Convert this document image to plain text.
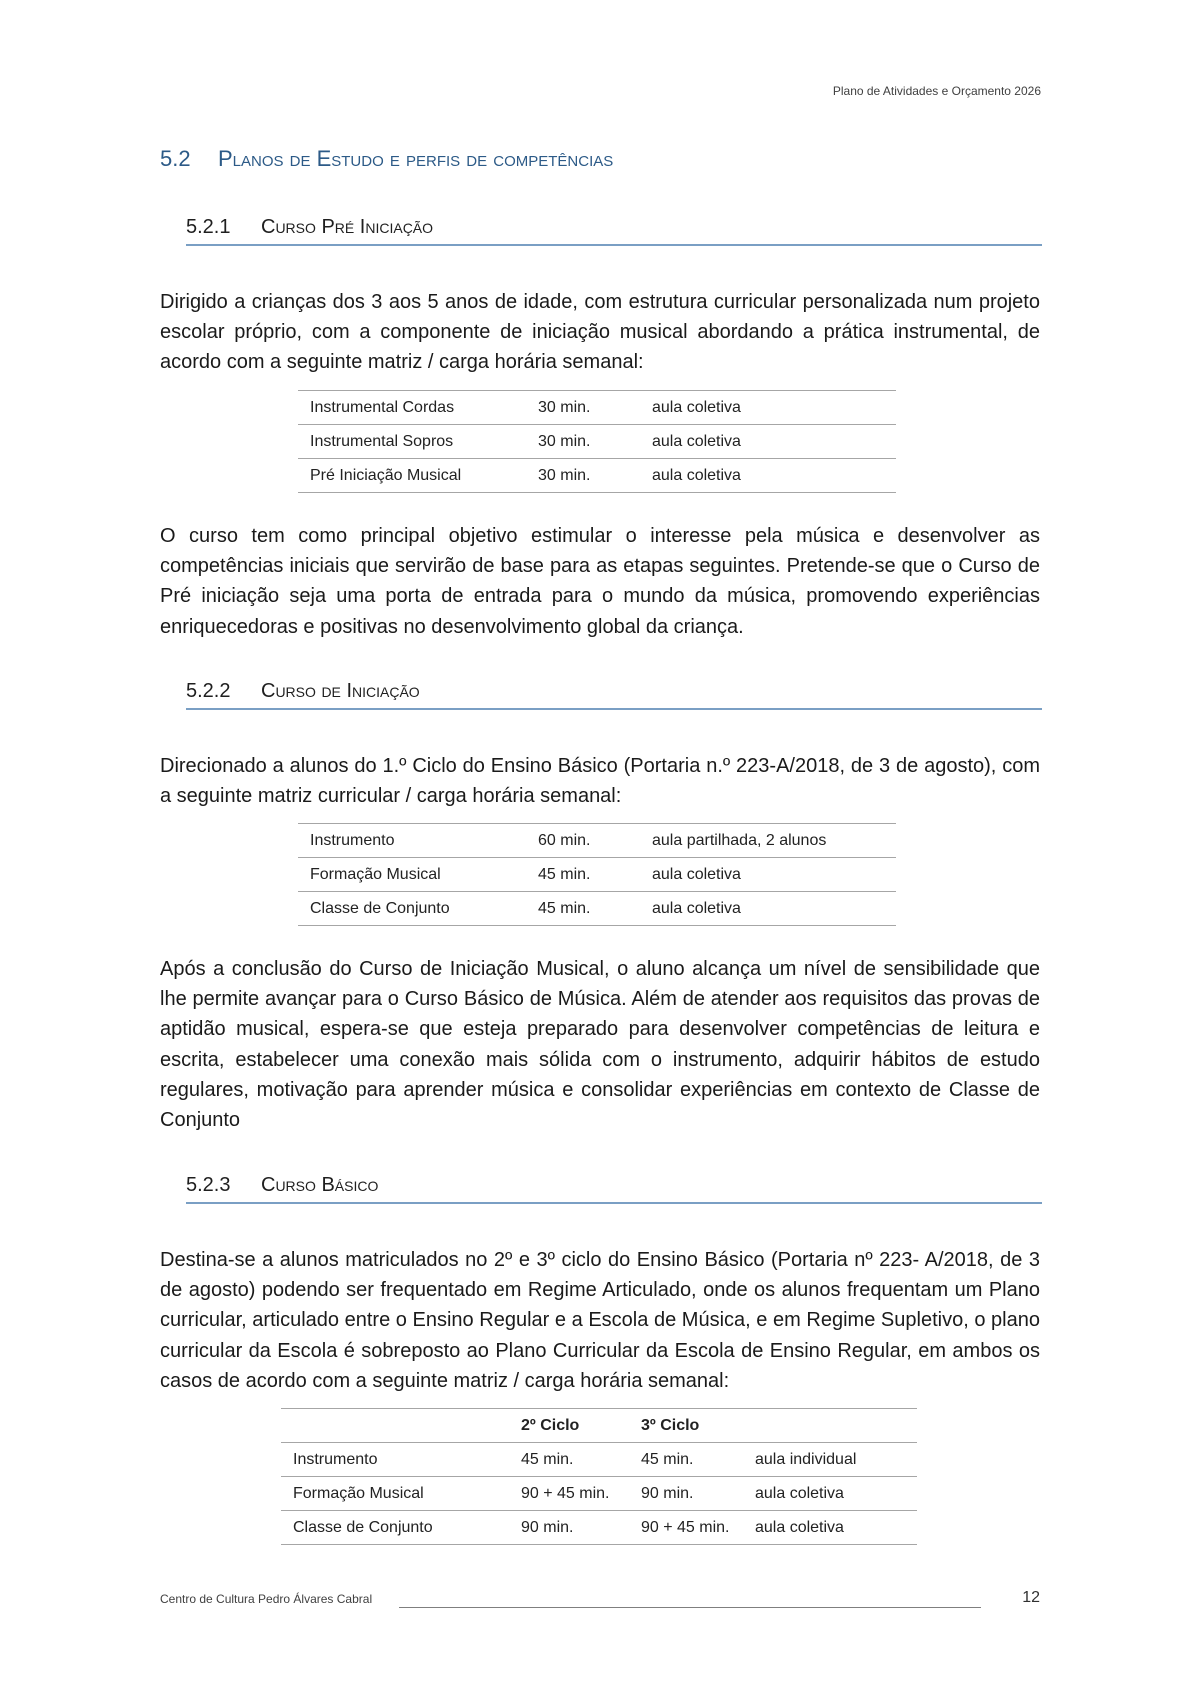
Plano de Atividades e Orçamento 2026
5.2 Planos de Estudo e perfis de competências
5.2.1 Curso Pré Iniciação
Dirigido a crianças dos 3 aos 5 anos de idade, com estrutura curricular personalizada num projeto escolar próprio, com a componente de iniciação musical abordando a prática instrumental, de acordo com a seguinte matriz / carga horária semanal:
Instrumental Cordas	30 min.	aula coletiva
Instrumental Sopros	30 min.	aula coletiva
Pré Iniciação Musical	30 min.	aula coletiva
O curso tem como principal objetivo estimular o interesse pela música e desenvolver as competências iniciais que servirão de base para as etapas seguintes. Pretende-se que o Curso de Pré iniciação seja uma porta de entrada para o mundo da música, promovendo experiências enriquecedoras e positivas no desenvolvimento global da criança.
5.2.2 Curso de Iniciação
Direcionado a alunos do 1.º Ciclo do Ensino Básico (Portaria n.º 223-A/2018, de 3 de agosto), com a seguinte matriz curricular / carga horária semanal:
Instrumento	60 min.	aula partilhada, 2 alunos
Formação Musical	45 min.	aula coletiva
Classe de Conjunto	45 min.	aula coletiva
Após a conclusão do Curso de Iniciação Musical, o aluno alcança um nível de sensibilidade que lhe permite avançar para o Curso Básico de Música. Além de atender aos requisitos das provas de aptidão musical, espera-se que esteja preparado para desenvolver competências de leitura e escrita, estabelecer uma conexão mais sólida com o instrumento, adquirir hábitos de estudo regulares, motivação para aprender música e consolidar experiências em contexto de Classe de Conjunto
5.2.3 Curso Básico
Destina-se a alunos matriculados no 2º e 3º ciclo do Ensino Básico (Portaria nº 223- A/2018, de 3 de agosto) podendo ser frequentado em Regime Articulado, onde os alunos frequentam um Plano curricular, articulado entre o Ensino Regular e a Escola de Música, e em Regime Supletivo, o plano curricular da Escola é sobreposto ao Plano Curricular da Escola de Ensino Regular, em ambos os casos de acordo com a seguinte matriz / carga horária semanal:
	2º Ciclo	3º Ciclo	
Instrumento	45 min.	45 min.	aula individual
Formação Musical	90 + 45 min.	90 min.	aula coletiva
Classe de Conjunto	90 min.	90 + 45 min.	aula coletiva
Centro de Cultura Pedro Álvares Cabral	12
